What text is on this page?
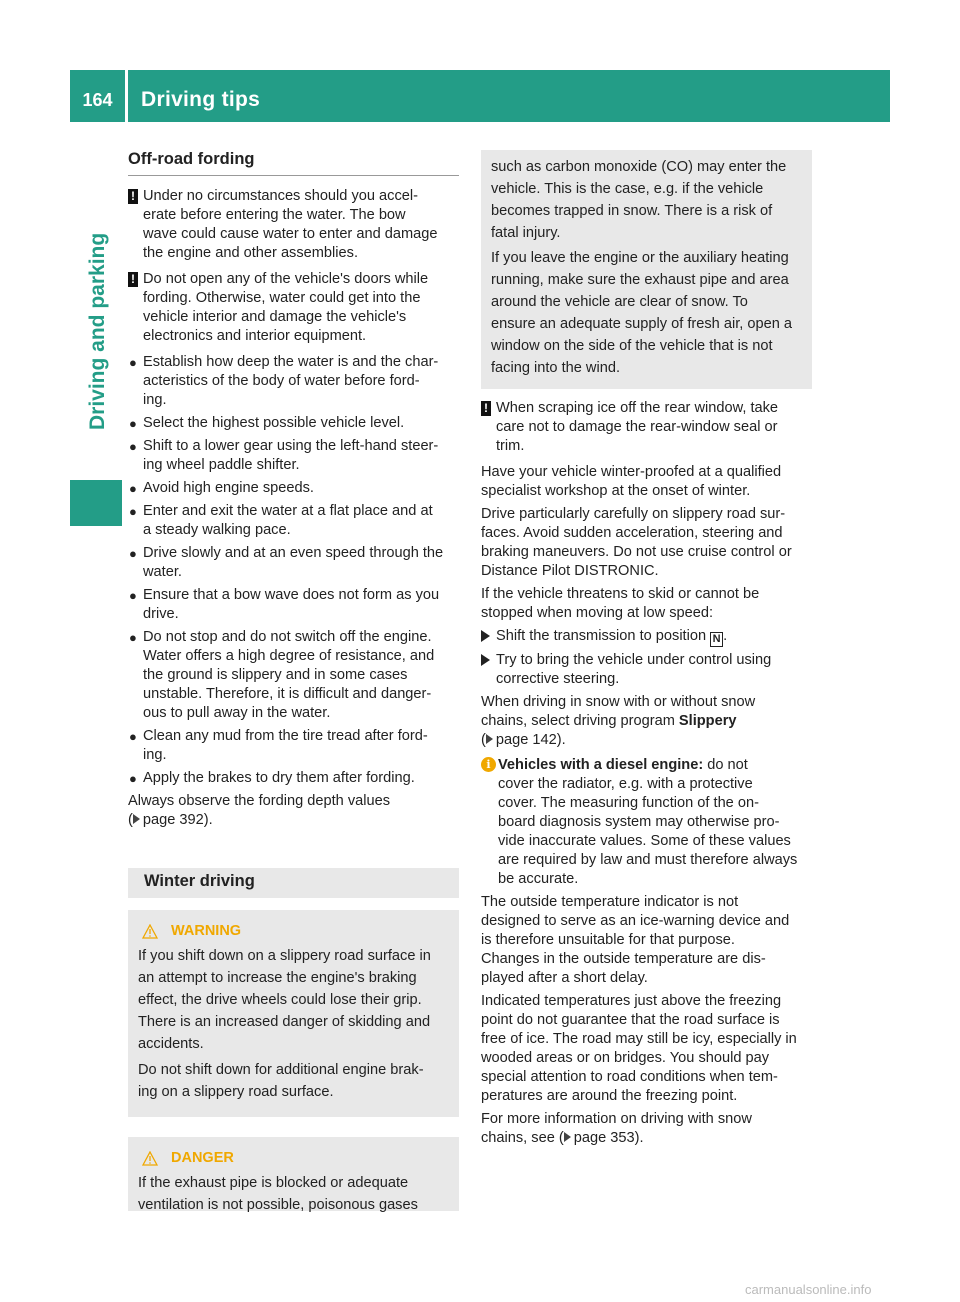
164	Driving tips
Driving and parking
Off-road fording
! Under no circumstances should you accel-
erate before entering the water. The bow
wave could cause water to enter and damage
the engine and other assemblies.
! Do not open any of the vehicle's doors while
fording. Otherwise, water could get into the
vehicle interior and damage the vehicle's
electronics and interior equipment.
● Establish how deep the water is and the char-
acteristics of the body of water before ford-
ing.
● Select the highest possible vehicle level.
● Shift to a lower gear using the left-hand steer-
ing wheel paddle shifter.
● Avoid high engine speeds.
● Enter and exit the water at a flat place and at
a steady walking pace.
● Drive slowly and at an even speed through the
water.
● Ensure that a bow wave does not form as you
drive.
● Do not stop and do not switch off the engine.
Water offers a high degree of resistance, and
the ground is slippery and in some cases
unstable. Therefore, it is difficult and danger-
ous to pull away in the water.
● Clean any mud from the tire tread after ford-
ing.
● Apply the brakes to dry them after fording.
Always observe the fording depth values
( page 392).
Winter driving
WARNING
If you shift down on a slippery road surface in
an attempt to increase the engine's braking
effect, the drive wheels could lose their grip.
There is an increased danger of skidding and
accidents.
Do not shift down for additional engine brak-
ing on a slippery road surface.
DANGER
If the exhaust pipe is blocked or adequate
ventilation is not possible, poisonous gases
such as carbon monoxide (CO) may enter the
vehicle. This is the case, e.g. if the vehicle
becomes trapped in snow. There is a risk of
fatal injury.
If you leave the engine or the auxiliary heating
running, make sure the exhaust pipe and area
around the vehicle are clear of snow. To
ensure an adequate supply of fresh air, open a
window on the side of the vehicle that is not
facing into the wind.
! When scraping ice off the rear window, take
care not to damage the rear-window seal or
trim.
Have your vehicle winter-proofed at a qualified
specialist workshop at the onset of winter.
Drive particularly carefully on slippery road sur-
faces. Avoid sudden acceleration, steering and
braking maneuvers. Do not use cruise control or
Distance Pilot DISTRONIC.
If the vehicle threatens to skid or cannot be
stopped when moving at low speed:
Shift the transmission to position N .
Try to bring the vehicle under control using
corrective steering.
When driving in snow with or without snow
chains, select driving program Slippery
( page 142).
i Vehicles with a diesel engine: do not
cover the radiator, e.g. with a protective
cover. The measuring function of the on-
board diagnosis system may otherwise pro-
vide inaccurate values. Some of these values
are required by law and must therefore always
be accurate.
The outside temperature indicator is not
designed to serve as an ice-warning device and
is therefore unsuitable for that purpose.
Changes in the outside temperature are dis-
played after a short delay.
Indicated temperatures just above the freezing
point do not guarantee that the road surface is
free of ice. The road may still be icy, especially in
wooded areas or on bridges. You should pay
special attention to road conditions when tem-
peratures are around the freezing point.
For more information on driving with snow
chains, see ( page 353).
carmanualsonline.info
